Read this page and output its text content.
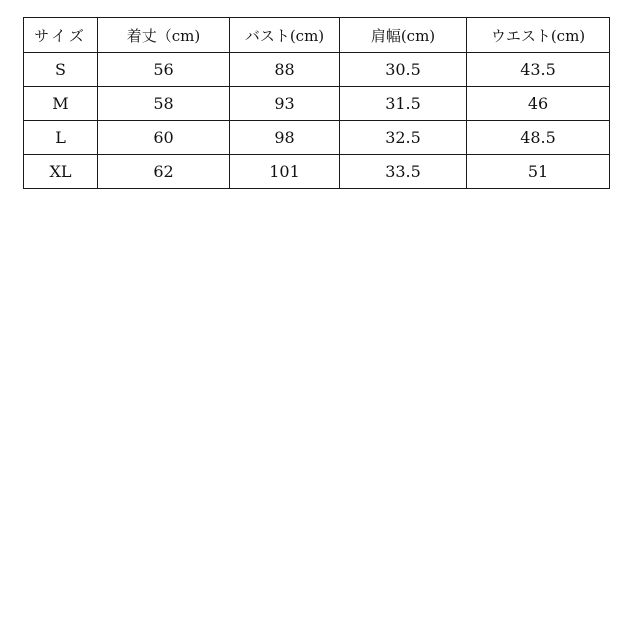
サイズ	着丈（cm)	バスト(cm)	肩幅(cm)	ウエスト(cm)
S	56	88	30.5	43.5
M	58	93	31.5	46
L	60	98	32.5	48.5
XL	62	101	33.5	51
